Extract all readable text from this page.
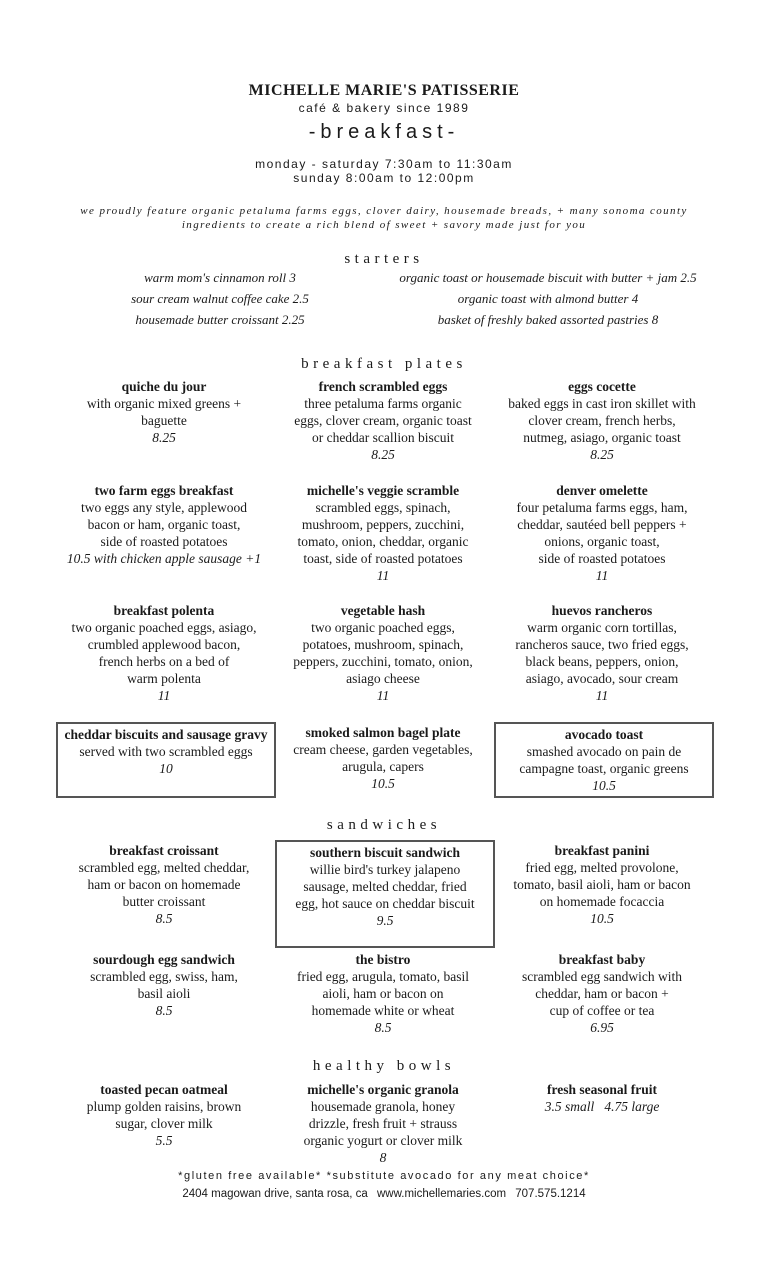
MICHELLE MARIE'S PATISSERIE
café & bakery since 1989
-breakfast-
monday - saturday 7:30am to 11:30am
sunday 8:00am to 12:00pm
we proudly feature organic petaluma farms eggs, clover dairy, housemade breads, + many sonoma county ingredients to create a rich blend of sweet + savory made just for you
starters
warm mom's cinnamon roll 3
sour cream walnut coffee cake 2.5
housemade butter croissant 2.25
organic toast or housemade biscuit with butter + jam 2.5
organic toast with almond butter 4
basket of freshly baked assorted pastries 8
breakfast plates
quiche du jour
with organic mixed greens +
baguette
8.25
french scrambled eggs
three petaluma farms organic
eggs, clover cream, organic toast
or cheddar scallion biscuit
8.25
eggs cocette
baked eggs in cast iron skillet with
clover cream, french herbs,
nutmeg, asiago, organic toast
8.25
two farm eggs breakfast
two eggs any style, applewood
bacon or ham, organic toast,
side of roasted potatoes
10.5 with chicken apple sausage +1
michelle's veggie scramble
scrambled eggs, spinach,
mushroom, peppers, zucchini,
tomato, onion, cheddar, organic
toast, side of roasted potatoes
11
denver omelette
four petaluma farms eggs, ham,
cheddar, sautéed bell peppers +
onions, organic toast,
side of roasted potatoes
11
breakfast polenta
two organic poached eggs, asiago,
crumbled applewood bacon,
french herbs on a bed of
warm polenta
11
vegetable hash
two organic poached eggs,
potatoes, mushroom, spinach,
peppers, zucchini, tomato, onion,
asiago cheese
11
huevos rancheros
warm organic corn tortillas,
rancheros sauce, two fried eggs,
black beans, peppers, onion,
asiago, avocado, sour cream
11
cheddar biscuits and sausage gravy
served with two scrambled eggs
10
smoked salmon bagel plate
cream cheese, garden vegetables,
arugula, capers
10.5
avocado toast
smashed avocado on pain de
campagne toast, organic greens
10.5
sandwiches
breakfast croissant
scrambled egg, melted cheddar,
ham or bacon on homemade
butter croissant
8.5
southern biscuit sandwich
willie bird's turkey jalapeno
sausage, melted cheddar, fried
egg, hot sauce on cheddar biscuit
9.5
breakfast panini
fried egg, melted provolone,
tomato, basil aioli, ham or bacon
on homemade focaccia
10.5
sourdough egg sandwich
scrambled egg, swiss, ham,
basil aioli
8.5
the bistro
fried egg, arugula, tomato, basil
aioli, ham or bacon on
homemade white or wheat
8.5
breakfast baby
scrambled egg sandwich with
cheddar, ham or bacon +
cup of coffee or tea
6.95
healthy bowls
toasted pecan oatmeal
plump golden raisins, brown
sugar, clover milk
5.5
michelle's organic granola
housemade granola, honey
drizzle, fresh fruit + strauss
organic yogurt or clover milk
8
fresh seasonal fruit
3.5 small   4.75 large
*gluten free available* *substitute avocado for any meat choice*
2404 magowan drive, santa rosa, ca www.michellemaries.com 707.575.1214
